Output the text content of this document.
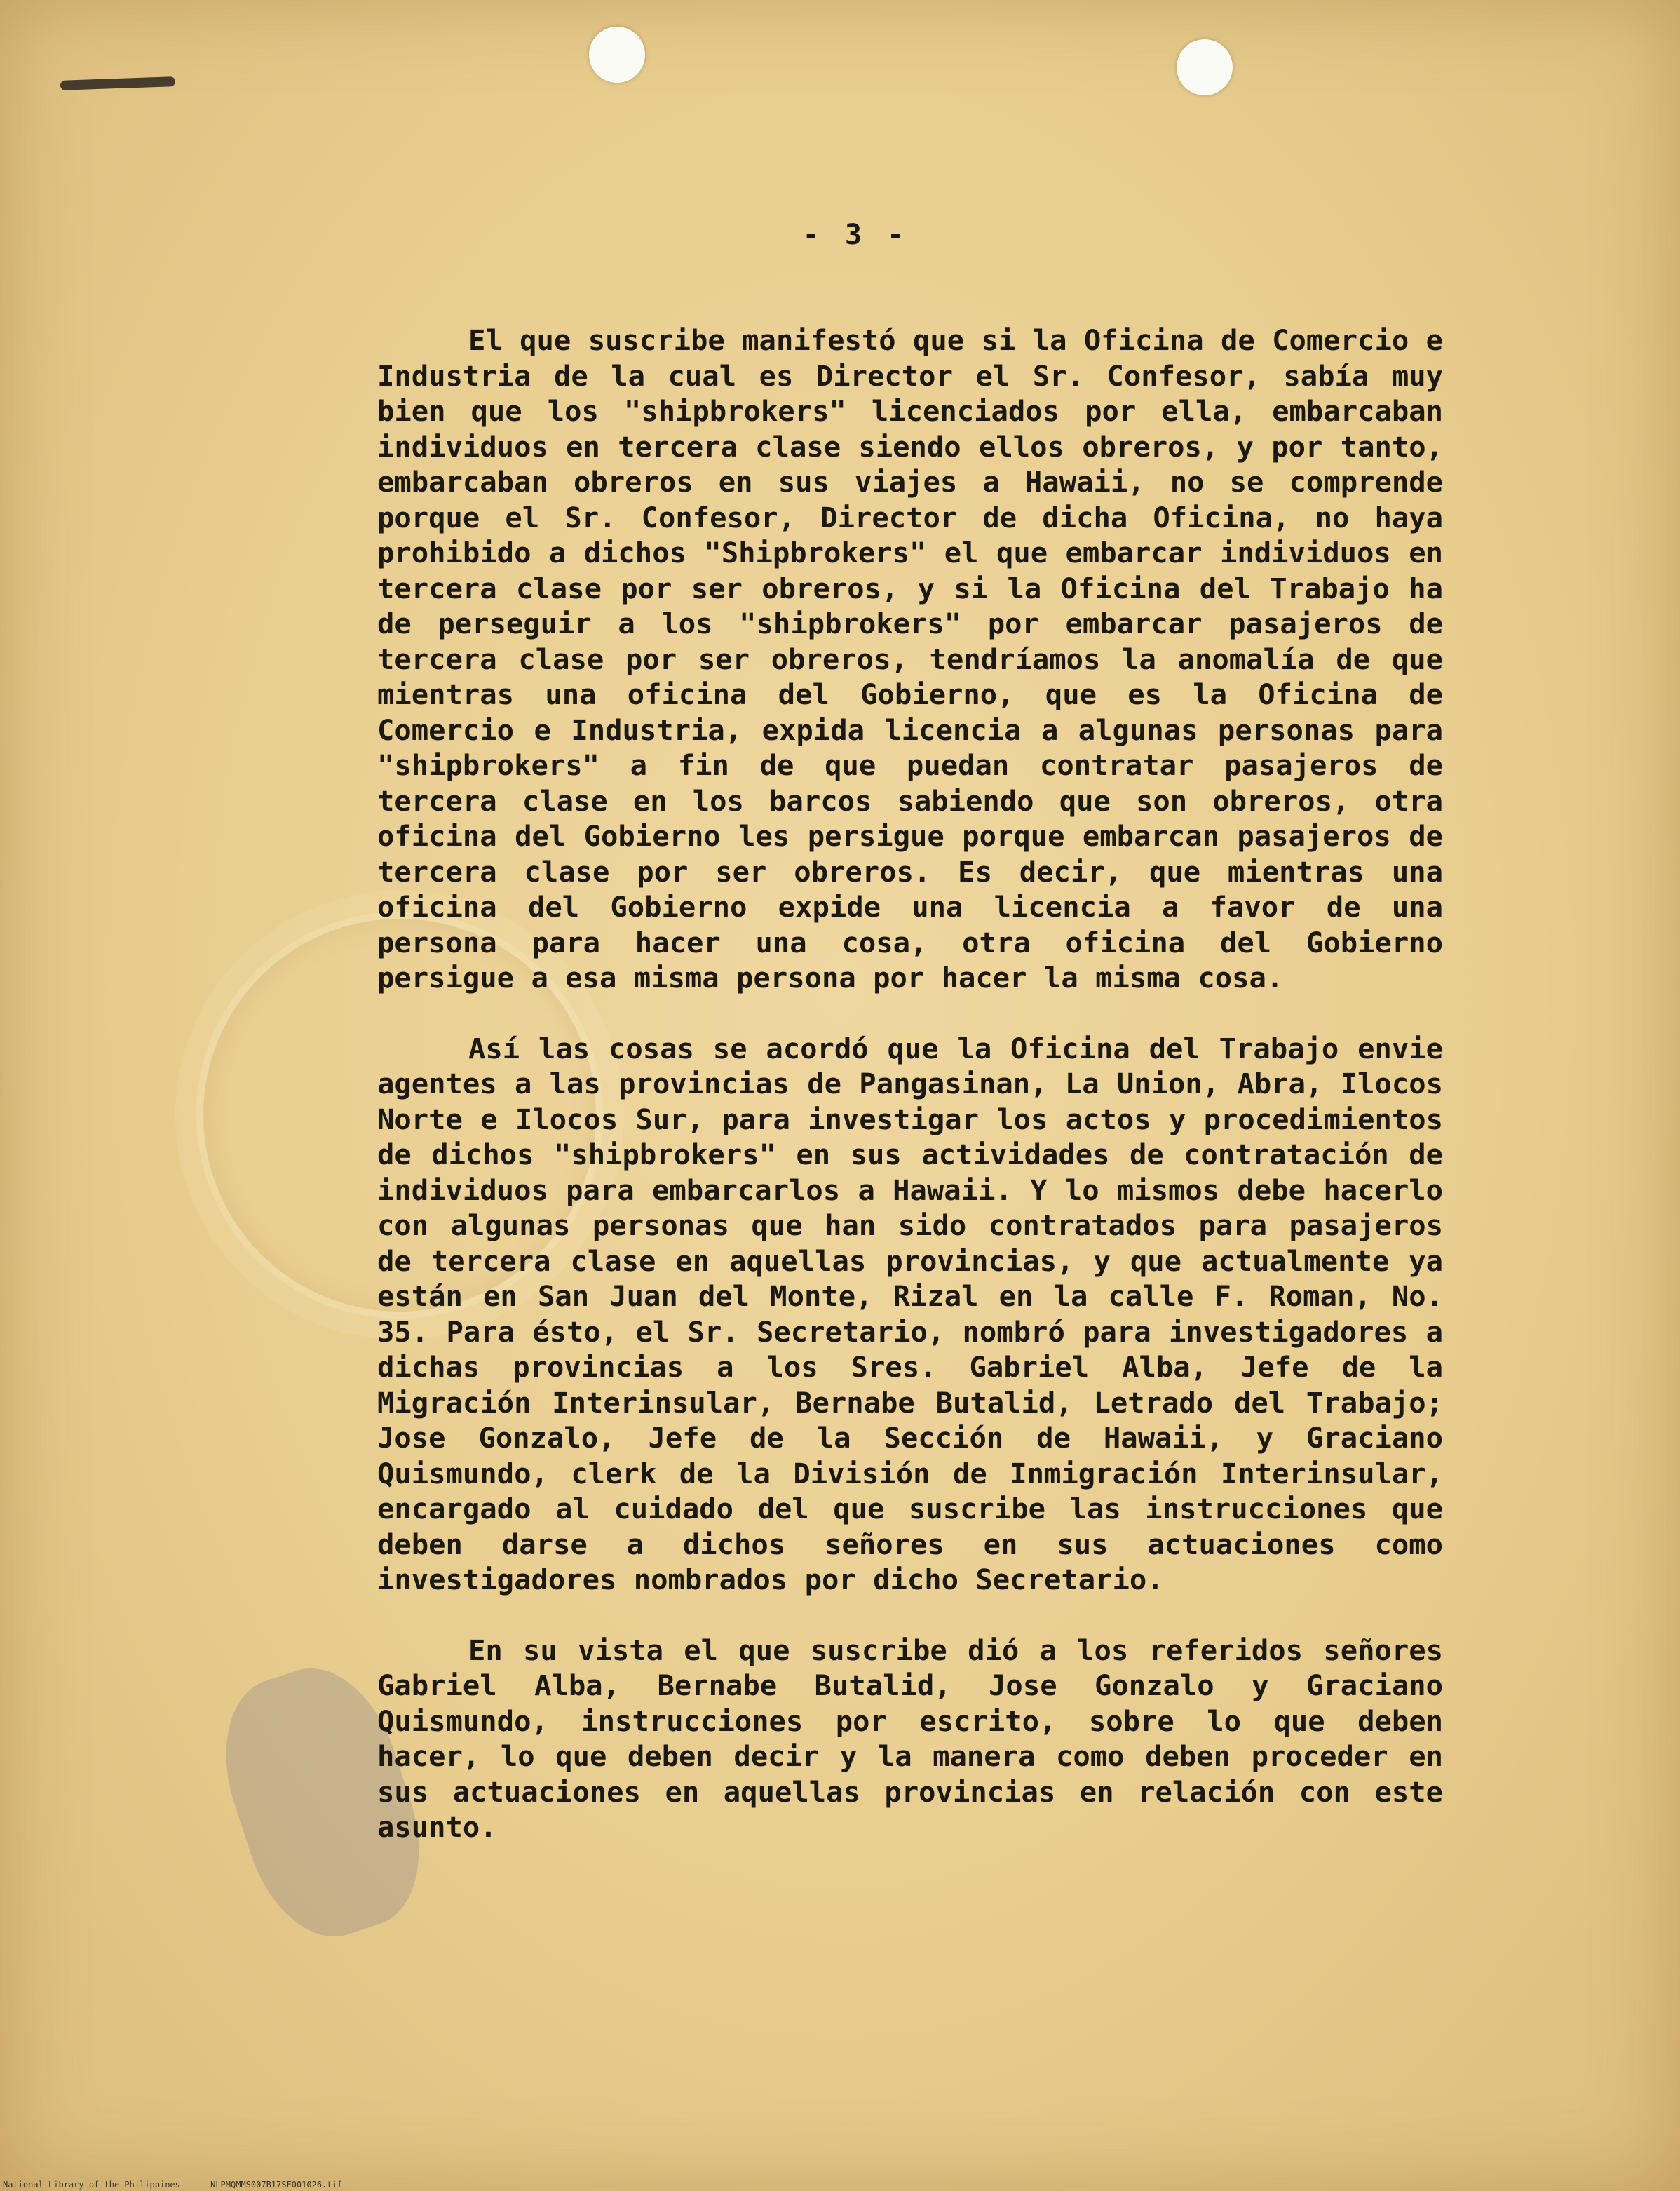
- 3 -

El que suscribe manifestó que si la Oficina de Comercio e Industria de la cual es Director el Sr. Confesor, sabía muy bien que los "shipbrokers" licenciados por ella, embarcaban individuos en tercera clase siendo ellos obreros, y por tanto, embarcaban obreros en sus viajes a Hawaii, no se comprende porque el Sr. Confesor, Director de dicha Oficina, no haya prohibido a dichos "Shipbrokers" el que embarcar individuos en tercera clase por ser obreros, y si la Oficina del Trabajo ha de perseguir a los "shipbrokers" por embarcar pasajeros de tercera clase por ser obreros, tendríamos la anomalía de que mientras una oficina del Gobierno, que es la Oficina de Comercio e Industria, expida licencia a algunas personas para "shipbrokers" a fin de que puedan contratar pasajeros de tercera clase en los barcos sabiendo que son obreros, otra oficina del Gobierno les persigue porque embarcan pasajeros de tercera clase por ser obreros. Es decir, que mientras una oficina del Gobierno expide una licencia a favor de una persona para hacer una cosa, otra oficina del Gobierno persigue a esa misma persona por hacer la misma cosa.

Así las cosas se acordó que la Oficina del Trabajo envie agentes a las provincias de Pangasinan, La Union, Abra, Ilocos Norte e Ilocos Sur, para investigar los actos y procedimientos de dichos "shipbrokers" en sus actividades de contratación de individuos para embarcarlos a Hawaii. Y lo mismos debe hacerlo con algunas personas que han sido contratados para pasajeros de tercera clase en aquellas provincias, y que actualmente ya están en San Juan del Monte, Rizal en la calle F. Roman, No. 35. Para ésto, el Sr. Secretario, nombró para investigadores a dichas provincias a los Sres. Gabriel Alba, Jefe de la Migración Interinsular, Bernabe Butalid, Letrado del Trabajo; Jose Gonzalo, Jefe de la Sección de Hawaii, y Graciano Quismundo, clerk de la División de Inmigración Interinsular, encargado al cuidado del que suscribe las instrucciones que deben darse a dichos señores en sus actuaciones como investigadores nombrados por dicho Secretario.

En su vista el que suscribe dió a los referidos señores Gabriel Alba, Bernabe Butalid, Jose Gonzalo y Graciano Quismundo, instrucciones por escrito, sobre lo que deben hacer, lo que deben decir y la manera como deben proceder en sus actuaciones en aquellas provincias en relación con este asunto.

National Library of the Philippines	NLPMQMMS007B17SF001026.tif
